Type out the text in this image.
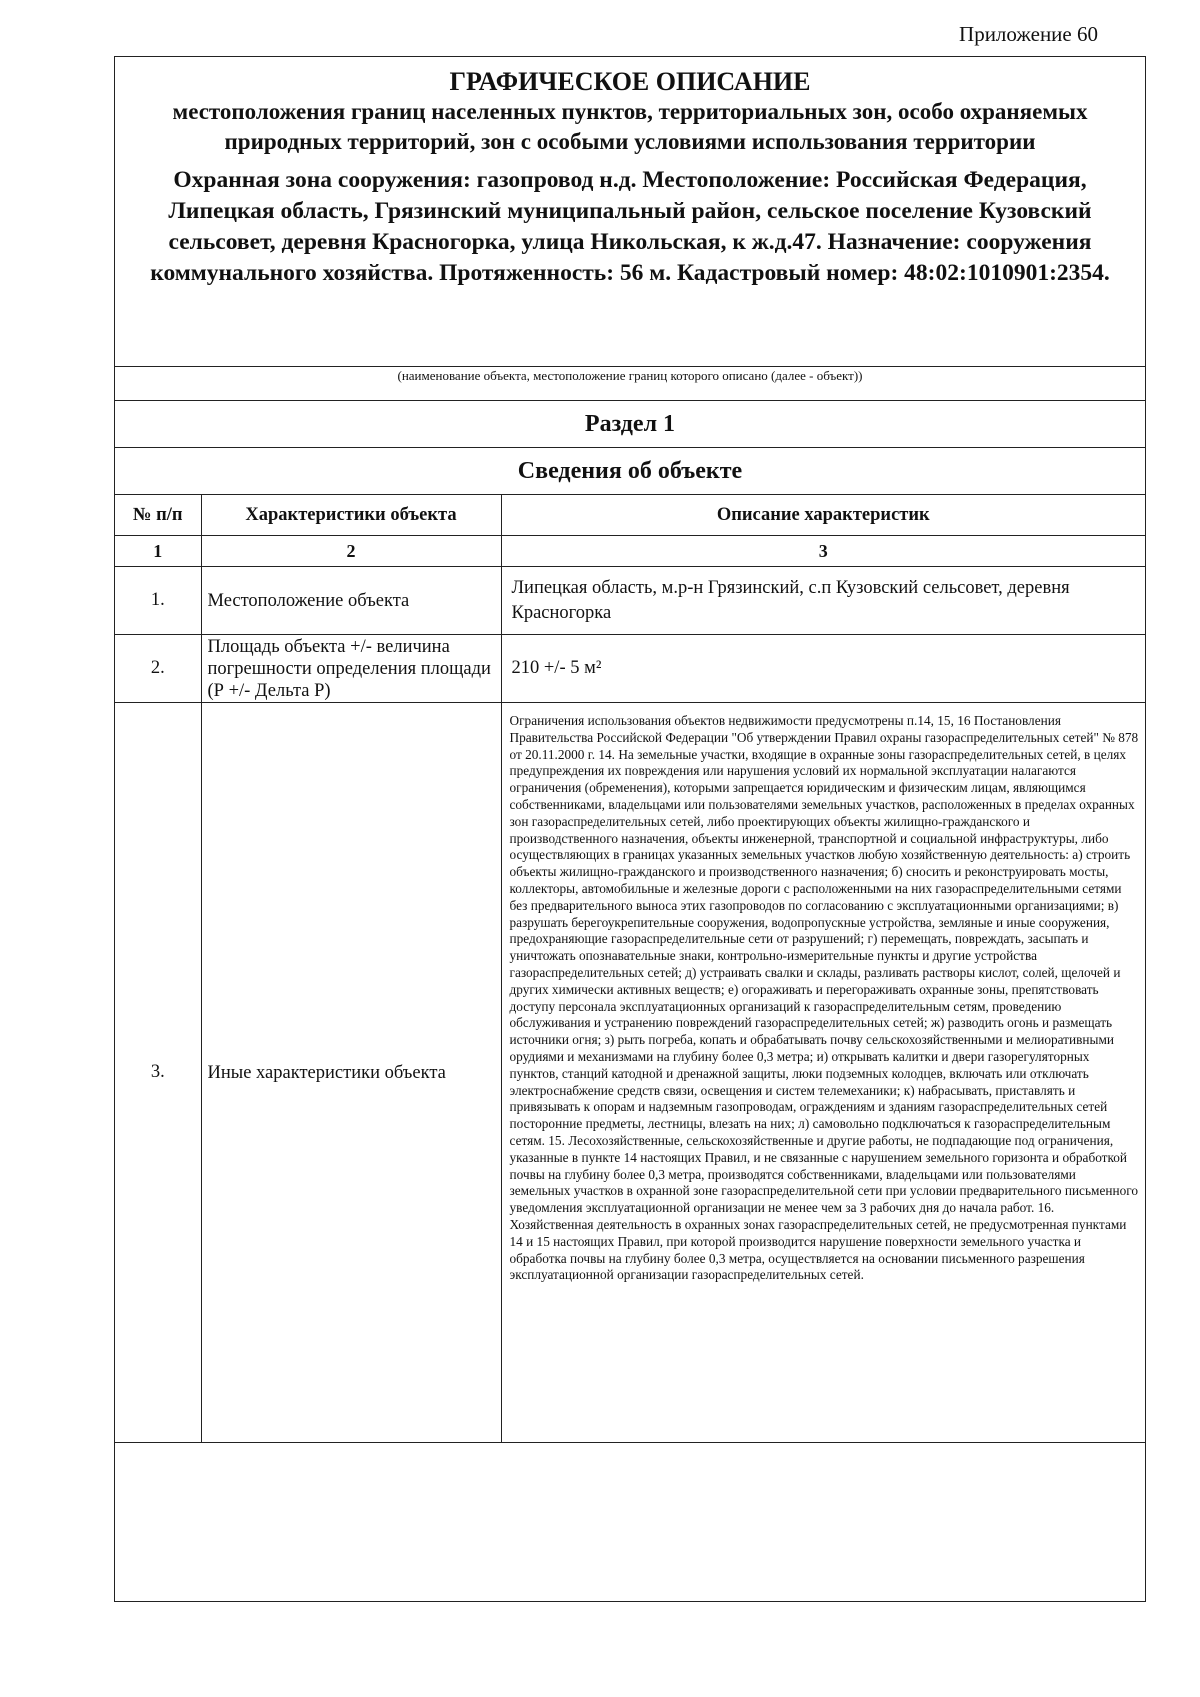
Приложение 60
ГРАФИЧЕСКОЕ ОПИСАНИЕ
местоположения границ населенных пунктов, территориальных зон, особо охраняемых природных территорий, зон с особыми условиями использования территории
Охранная зона сооружения: газопровод н.д. Местоположение: Российская Федерация, Липецкая область, Грязинский муниципальный район, сельское поселение Кузовский сельсовет, деревня Красногорка, улица Никольская, к ж.д.47. Назначение: сооружения коммунального хозяйства. Протяженность: 56 м. Кадастровый номер: 48:02:1010901:2354.
(наименование объекта, местоположение границ которого описано (далее - объект))
Раздел 1
Сведения об объекте
№ п/п	Характеристики объекта	Описание характеристик
1	2	3
1.	Местоположение объекта	Липецкая область, м.р-н Грязинский, с.п Кузовский сельсовет, деревня Красногорка
2.	Площадь объекта +/- величина погрешности определения площади (Р +/- Дельта Р)	210 +/- 5 м²
3.	Иные характеристики объекта	Ограничения использования объектов недвижимости предусмотрены п.14, 15, 16 Постановления Правительства Российской Федерации "Об утверждении Правил охраны газораспределительных сетей" № 878 от 20.11.2000 г. 14. На земельные участки, входящие в охранные зоны газораспределительных сетей, в целях предупреждения их повреждения или нарушения условий их нормальной эксплуатации налагаются ограничения (обременения), которыми запрещается юридическим и физическим лицам, являющимся собственниками, владельцами или пользователями земельных участков, расположенных в пределах охранных зон газораспределительных сетей, либо проектирующих объекты жилищно-гражданского и производственного назначения, объекты инженерной, транспортной и социальной инфраструктуры, либо осуществляющих в границах указанных земельных участков любую хозяйственную деятельность: а) строить объекты жилищно-гражданского и производственного назначения; б) сносить и реконструировать мосты, коллекторы, автомобильные и железные дороги с расположенными на них газораспределительными сетями без предварительного выноса этих газопроводов по согласованию с эксплуатационными организациями; в) разрушать берегоукрепительные сооружения, водопропускные устройства, земляные и иные сооружения, предохраняющие газораспределительные сети от разрушений; г) перемещать, повреждать, засыпать и уничтожать опознавательные знаки, контрольно-измерительные пункты и другие устройства газораспределительных сетей; д) устраивать свалки и склады, разливать растворы кислот, солей, щелочей и других химически активных веществ; е) огораживать и перегораживать охранные зоны, препятствовать доступу персонала эксплуатационных организаций к газораспределительным сетям, проведению обслуживания и устранению повреждений газораспределительных сетей; ж) разводить огонь и размещать источники огня; з) рыть погреба, копать и обрабатывать почву сельскохозяйственными и мелиоративными орудиями и механизмами на глубину более 0,3 метра; и) открывать калитки и двери газорегуляторных пунктов, станций катодной и дренажной защиты, люки подземных колодцев, включать или отключать электроснабжение средств связи, освещения и систем телемеханики; к) набрасывать, приставлять и привязывать к опорам и надземным газопроводам, ограждениям и зданиям газораспределительных сетей посторонние предметы, лестницы, влезать на них; л) самовольно подключаться к газораспределительным сетям. 15. Лесохозяйственные, сельскохозяйственные и другие работы, не подпадающие под ограничения, указанные в пункте 14 настоящих Правил, и не связанные с нарушением земельного горизонта и обработкой почвы на глубину более 0,3 метра, производятся собственниками, владельцами или пользователями земельных участков в охранной зоне газораспределительной сети при условии предварительного письменного уведомления эксплуатационной организации не менее чем за 3 рабочих дня до начала работ. 16. Хозяйственная деятельность в охранных зонах газораспределительных сетей, не предусмотренная пунктами 14 и 15 настоящих Правил, при которой производится нарушение поверхности земельного участка и обработка почвы на глубину более 0,3 метра, осуществляется на основании письменного разрешения эксплуатационной организации газораспределительных сетей.
